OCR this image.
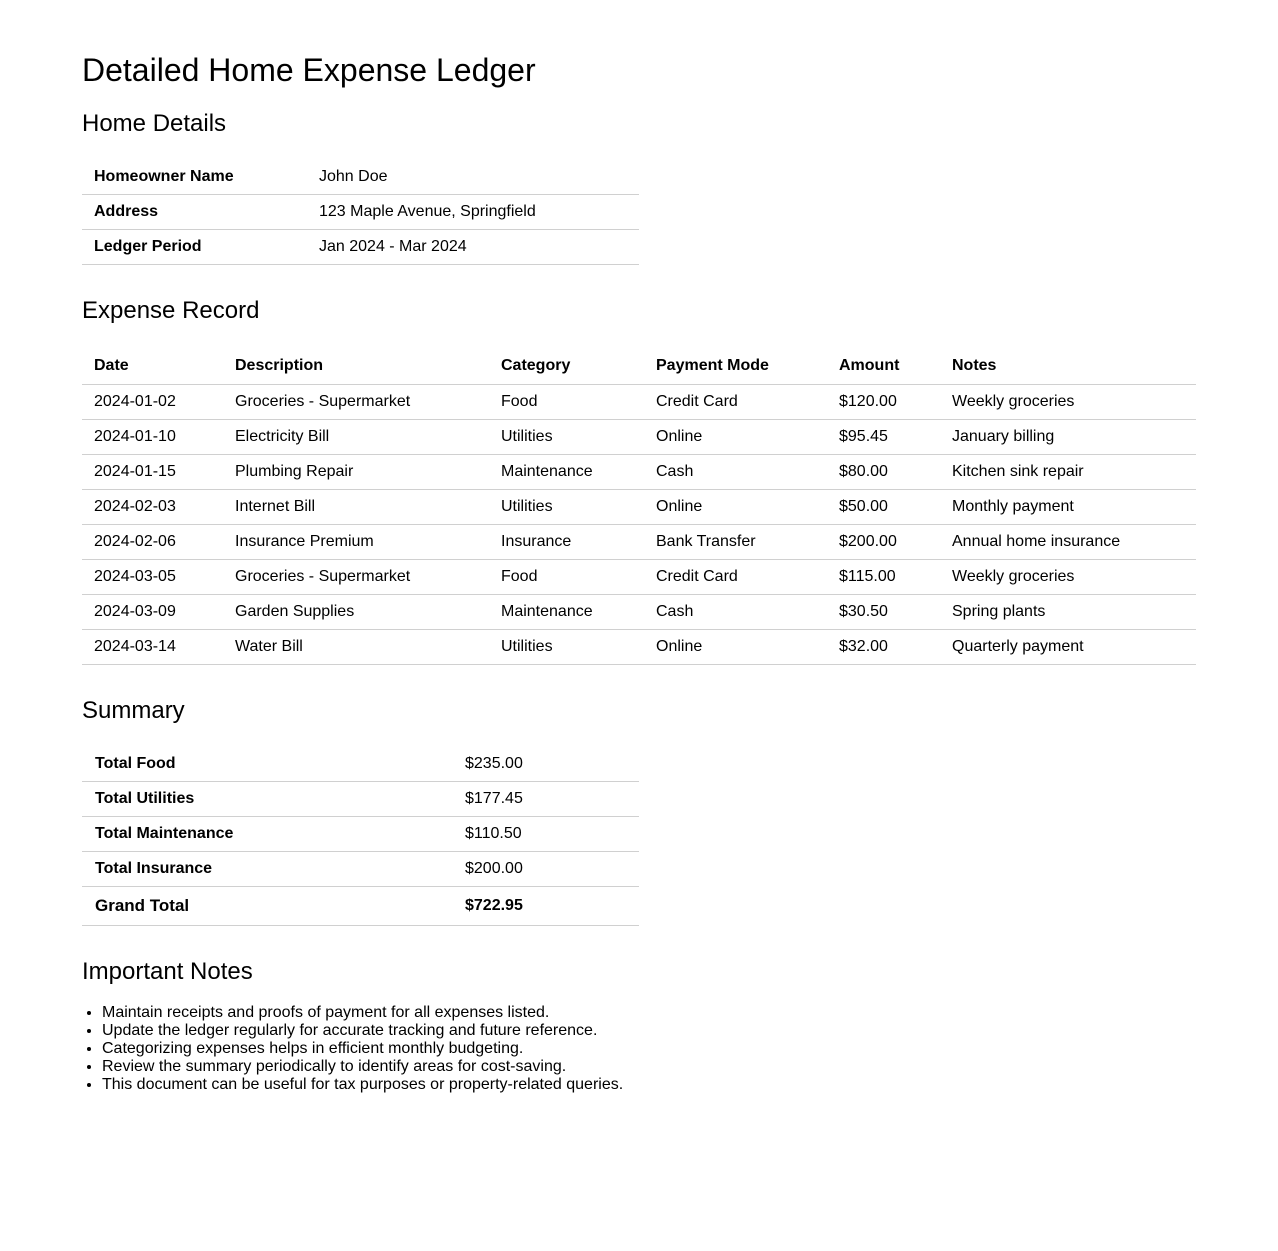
Detailed Home Expense Ledger
Home Details
Homeowner Name	John Doe
Address	123 Maple Avenue, Springfield
Ledger Period	Jan 2024 - Mar 2024
Expense Record
Date	Description	Category	Payment Mode	Amount	Notes
2024-01-02	Groceries - Supermarket	Food	Credit Card	$120.00	Weekly groceries
2024-01-10	Electricity Bill	Utilities	Online	$95.45	January billing
2024-01-15	Plumbing Repair	Maintenance	Cash	$80.00	Kitchen sink repair
2024-02-03	Internet Bill	Utilities	Online	$50.00	Monthly payment
2024-02-06	Insurance Premium	Insurance	Bank Transfer	$200.00	Annual home insurance
2024-03-05	Groceries - Supermarket	Food	Credit Card	$115.00	Weekly groceries
2024-03-09	Garden Supplies	Maintenance	Cash	$30.50	Spring plants
2024-03-14	Water Bill	Utilities	Online	$32.00	Quarterly payment
Summary
Total Food	$235.00
Total Utilities	$177.45
Total Maintenance	$110.50
Total Insurance	$200.00
Grand Total	$722.95
Important Notes
• Maintain receipts and proofs of payment for all expenses listed.
• Update the ledger regularly for accurate tracking and future reference.
• Categorizing expenses helps in efficient monthly budgeting.
• Review the summary periodically to identify areas for cost-saving.
• This document can be useful for tax purposes or property-related queries.
